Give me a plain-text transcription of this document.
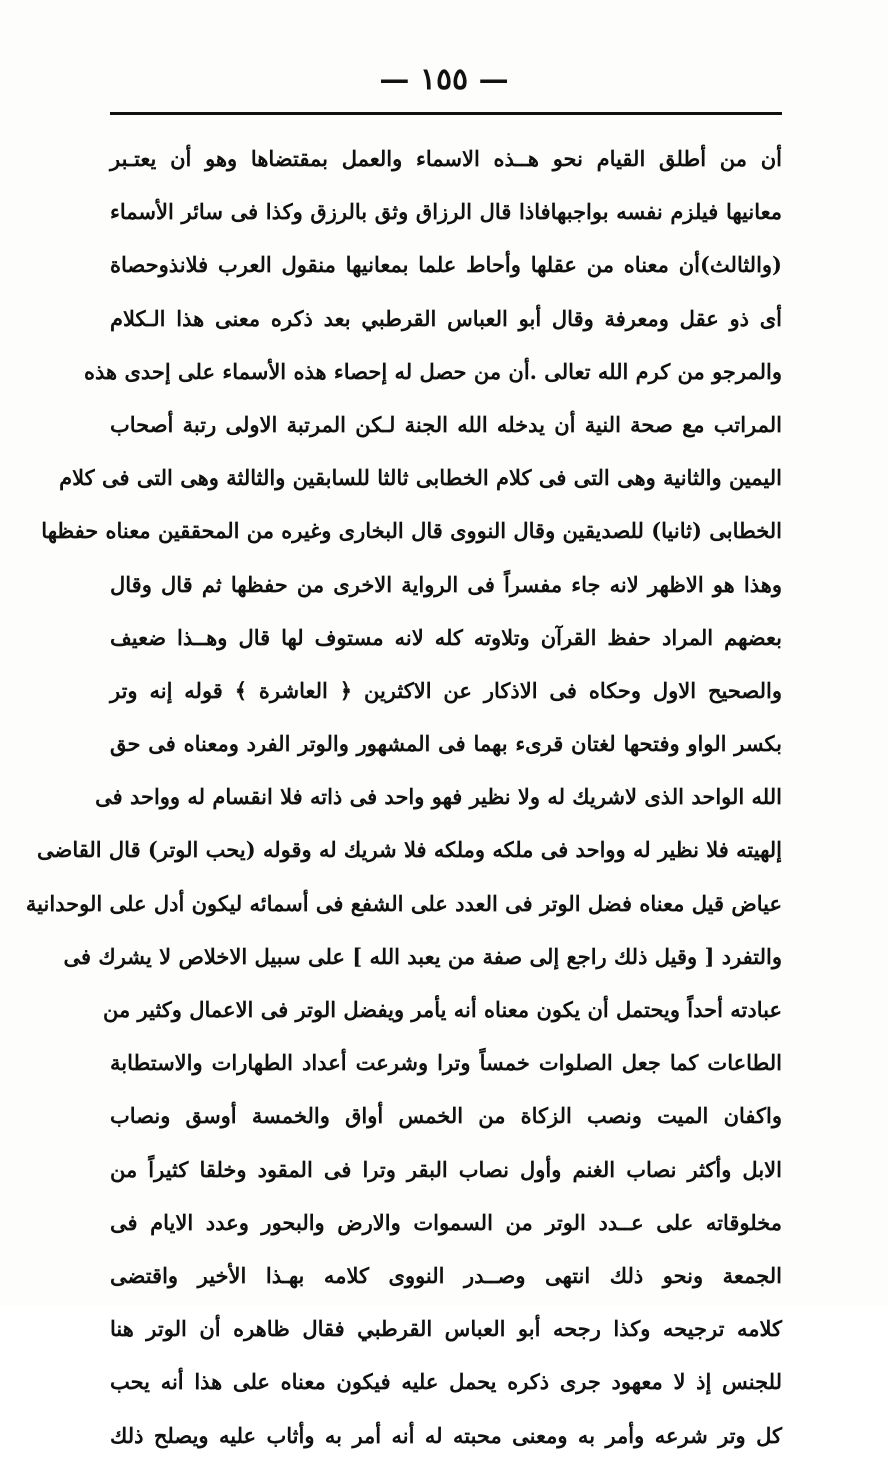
— ١٥٥ —
أن من أطلق القيام نحو هــذه الاسماء والعمل بمقتضاها وهو أن يعتـبر
معانيها فيلزم نفسه بواجبهافاذا قال الرزاق وثق بالرزق وكذا فى سائر الأسماء
(والثالث)أن معناه من عقلها وأحاط علما بمعانيها منقول العرب فلانذوحصاة
أى ذو عقل ومعرفة وقال أبو العباس القرطبي بعد ذكره معنى هذا الـكلام
والمرجو من كرم الله تعالى .أن من حصل له إحصاء هذه الأسماء على إحدى هذه
المراتب مع صحة النية أن يدخله الله الجنة لـكن المرتبة الاولى رتبة أصحاب
اليمين والثانية وهى التى فى كلام الخطابى ثالثا للسابقين والثالثة وهى التى فى كلام
الخطابى (ثانيا) للصديقين وقال النووى قال البخارى وغيره من المحققين معناه حفظها
وهذا هو الاظهر لانه جاء مفسراً فى الرواية الاخرى من حفظها ثم قال وقال
بعضهم المراد حفظ القرآن وتلاوته كله لانه مستوف لها قال وهــذا ضعيف
والصحيح الاول وحكاه فى الاذكار عن الاكثرين ﴿ العاشرة ﴾ قوله إنه وتر
بكسر الواو وفتحها لغتان قرىء بهما فى المشهور والوتر الفرد ومعناه فى حق
الله الواحد الذى لاشريك له ولا نظير فهو واحد فى ذاته فلا انقسام له وواحد فى
إلهيته فلا نظير له وواحد فى ملكه وملكه فلا شريك له وقوله (يحب الوتر) قال القاضى
عياض قيل معناه فضل الوتر فى العدد على الشفع فى أسمائه ليكون أدل على الوحدانية
والتفرد [ وقيل ذلك راجع إلى صفة من يعبد الله ] على سبيل الاخلاص لا يشرك فى
عبادته أحداً ويحتمل أن يكون معناه أنه يأمر ويفضل الوتر فى الاعمال وكثير من
الطاعات كما جعل الصلوات خمساً وترا وشرعت أعداد الطهارات والاستطابة
واكفان الميت ونصب الزكاة من الخمس أواق والخمسة أوسق ونصاب
الابل وأكثر نصاب الغنم وأول نصاب البقر وترا فى المقود وخلقا كثيراً من
مخلوقاته على عــدد الوتر من السموات والارض والبحور وعدد الايام فى
الجمعة ونحو ذلك انتهى وصــدر النووى كلامه بهـذا الأخير واقتضى
كلامه ترجيحه وكذا رجحه أبو العباس القرطبي فقال ظاهره أن الوتر هنا
للجنس إذ لا معهود جرى ذكره يحمل عليه فيكون معناه على هذا أنه يحب
كل وتر شرعه وأمر به ومعنى محبته له أنه أمر به وأثاب عليه ويصلح ذلك
